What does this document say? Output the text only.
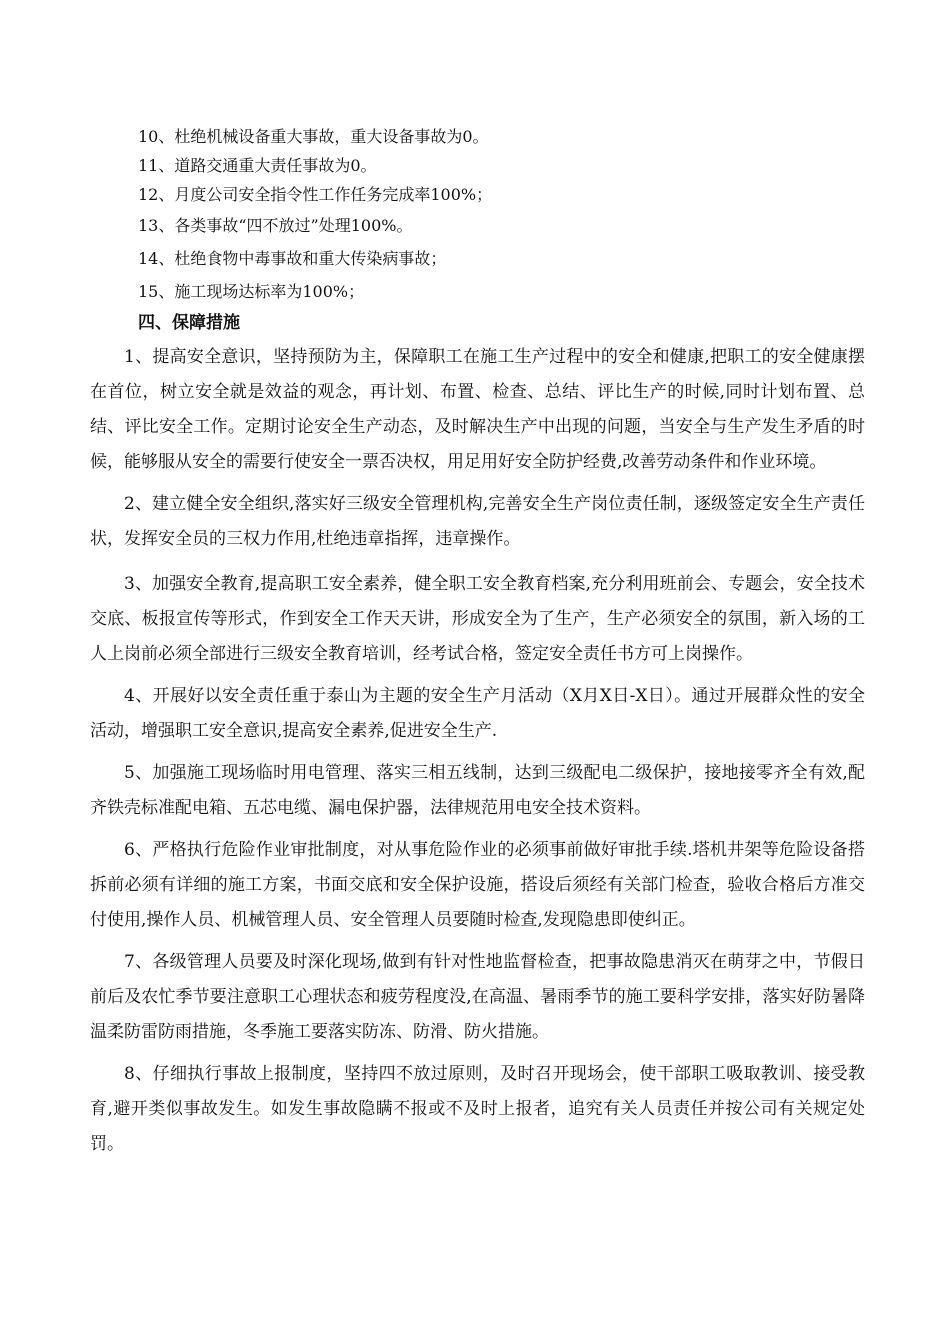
10、杜绝机械设备重大事故，重大设备事故为0。
11、道路交通重大责任事故为0。
12、月度公司安全指令性工作任务完成率100%；
13、各类事故“四不放过”处理100%。
14、杜绝食物中毒事故和重大传染病事故；
15、施工现场达标率为100%；
四、保障措施

1、提高安全意识，坚持预防为主，保障职工在施工生产过程中的安全和健康,把职工的安全健康摆在首位，树立安全就是效益的观念，再计划、布置、检查、总结、评比生产的时候,同时计划布置、总结、评比安全工作。定期讨论安全生产动态，及时解决生产中出现的问题，当安全与生产发生矛盾的时候，能够服从安全的需要行使安全一票否决权，用足用好安全防护经费,改善劳动条件和作业环境。

2、建立健全安全组织,落实好三级安全管理机构,完善安全生产岗位责任制，逐级签定安全生产责任状，发挥安全员的三权力作用,杜绝违章指挥，违章操作。

3、加强安全教育,提高职工安全素养，健全职工安全教育档案,充分利用班前会、专题会，安全技术交底、板报宣传等形式，作到安全工作天天讲，形成安全为了生产，生产必须安全的氛围，新入场的工人上岗前必须全部进行三级安全教育培训，经考试合格，签定安全责任书方可上岗操作。

4、开展好以安全责任重于泰山为主题的安全生产月活动（X月X日-X日）。通过开展群众性的安全活动，增强职工安全意识,提高安全素养,促进安全生产.

5、加强施工现场临时用电管理、落实三相五线制，达到三级配电二级保护，接地接零齐全有效,配齐铁壳标准配电箱、五芯电缆、漏电保护器，法律规范用电安全技术资料。

6、严格执行危险作业审批制度，对从事危险作业的必须事前做好审批手续.塔机井架等危险设备搭拆前必须有详细的施工方案，书面交底和安全保护设施，搭设后须经有关部门检查，验收合格后方准交付使用,操作人员、机械管理人员、安全管理人员要随时检查,发现隐患即使纠正。

7、各级管理人员要及时深化现场,做到有针对性地监督检查，把事故隐患消灭在萌芽之中，节假日前后及农忙季节要注意职工心理状态和疲劳程度没,在高温、暑雨季节的施工要科学安排，落实好防暑降温柔防雷防雨措施，冬季施工要落实防冻、防滑、防火措施。

8、仔细执行事故上报制度，坚持四不放过原则，及时召开现场会，使干部职工吸取教训、接受教育,避开类似事故发生。如发生事故隐瞒不报或不及时上报者，追究有关人员责任并按公司有关规定处罚。
